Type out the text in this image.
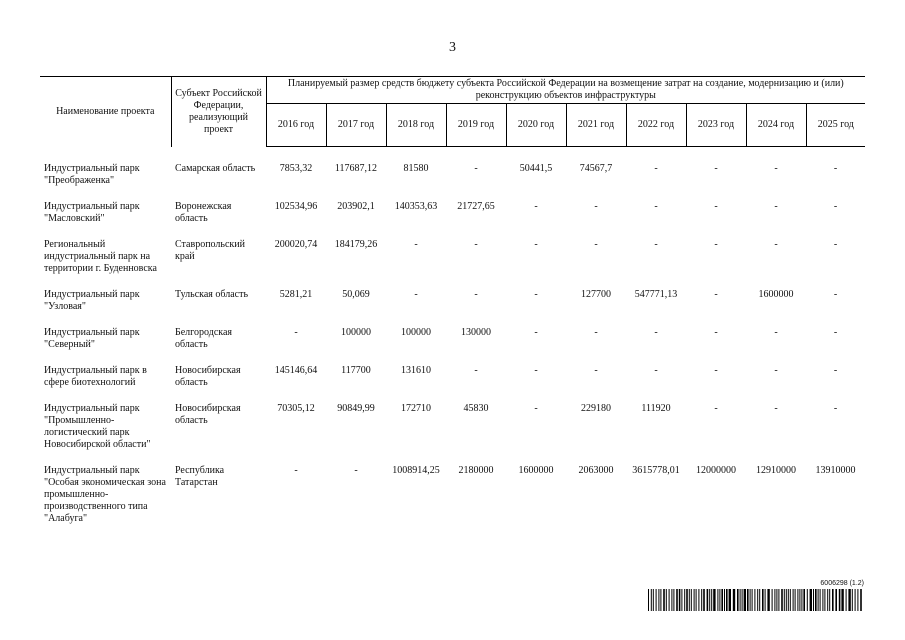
3
Наименование проекта	Субъект Российской Федерации, реализующий проект	Планируемый размер средств бюджету субъекта Российской Федерации на возмещение затрат на создание, модернизацию и (или) реконструкцию объектов инфраструктуры									
		2016 год	2017 год	2018 год	2019 год	2020 год	2021 год	2022 год	2023 год	2024 год	2025 год
Индустриальный парк "Преображенка"	Самарская область	7853,32	117687,12	81580	-	50441,5	74567,7	-	-	-	-
Индустриальный парк "Масловский"	Воронежская область	102534,96	203902,1	140353,63	21727,65	-	-	-	-	-	-
Региональный индустриальный парк на территории г. Буденновска	Ставропольский край	200020,74	184179,26	-	-	-	-	-	-	-	-
Индустриальный парк "Узловая"	Тульская область	5281,21	50,069	-	-	-	127700	547771,13	-	1600000	-
Индустриальный парк "Северный"	Белгородская область	-	100000	100000	130000	-	-	-	-	-	-
Индустриальный парк в сфере биотехнологий	Новосибирская область	145146,64	117700	131610	-	-	-	-	-	-	-
Индустриальный парк "Промышленно-логистический парк Новосибирской области"	Новосибирская область	70305,12	90849,99	172710	45830	-	229180	111920	-	-	-
Индустриальный парк "Особая экономическая зона промышленно-производственного типа "Алабуга"	Республика Татарстан	-	-	1008914,25	2180000	1600000	2063000	3615778,01	12000000	12910000	13910000
6006298 (1.2)
